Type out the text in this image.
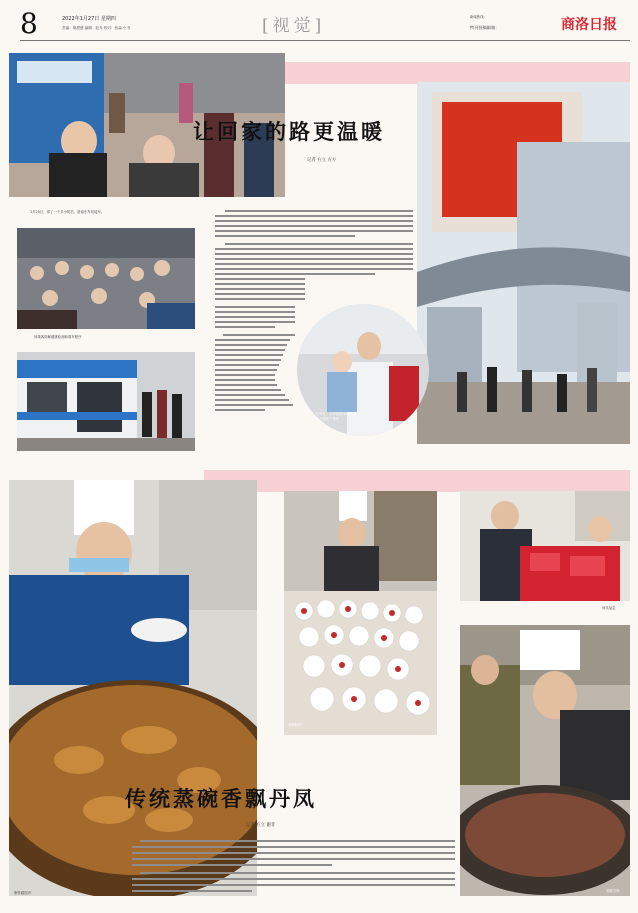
8	2022年1月27日 星期四
责编：胡澄慧 编辑：赵芃 校对：张淼 小书	[视觉]	新闻热线：
特刊投稿邮箱：	商洛日报
让回家的路更温暖
记者 方立 方方
1月25日，带了一个多小时后，洛南东车站接车。
何乘客讲解健康检测和乘车程序
一位家长、大手拉出小孩旅客
在家人陪同下乘车
蒸碗制作
何乐品尝
蒸碗出锅
传统蒸碗香飘丹凤
记者 方立 谢非
制作腐皮肉
